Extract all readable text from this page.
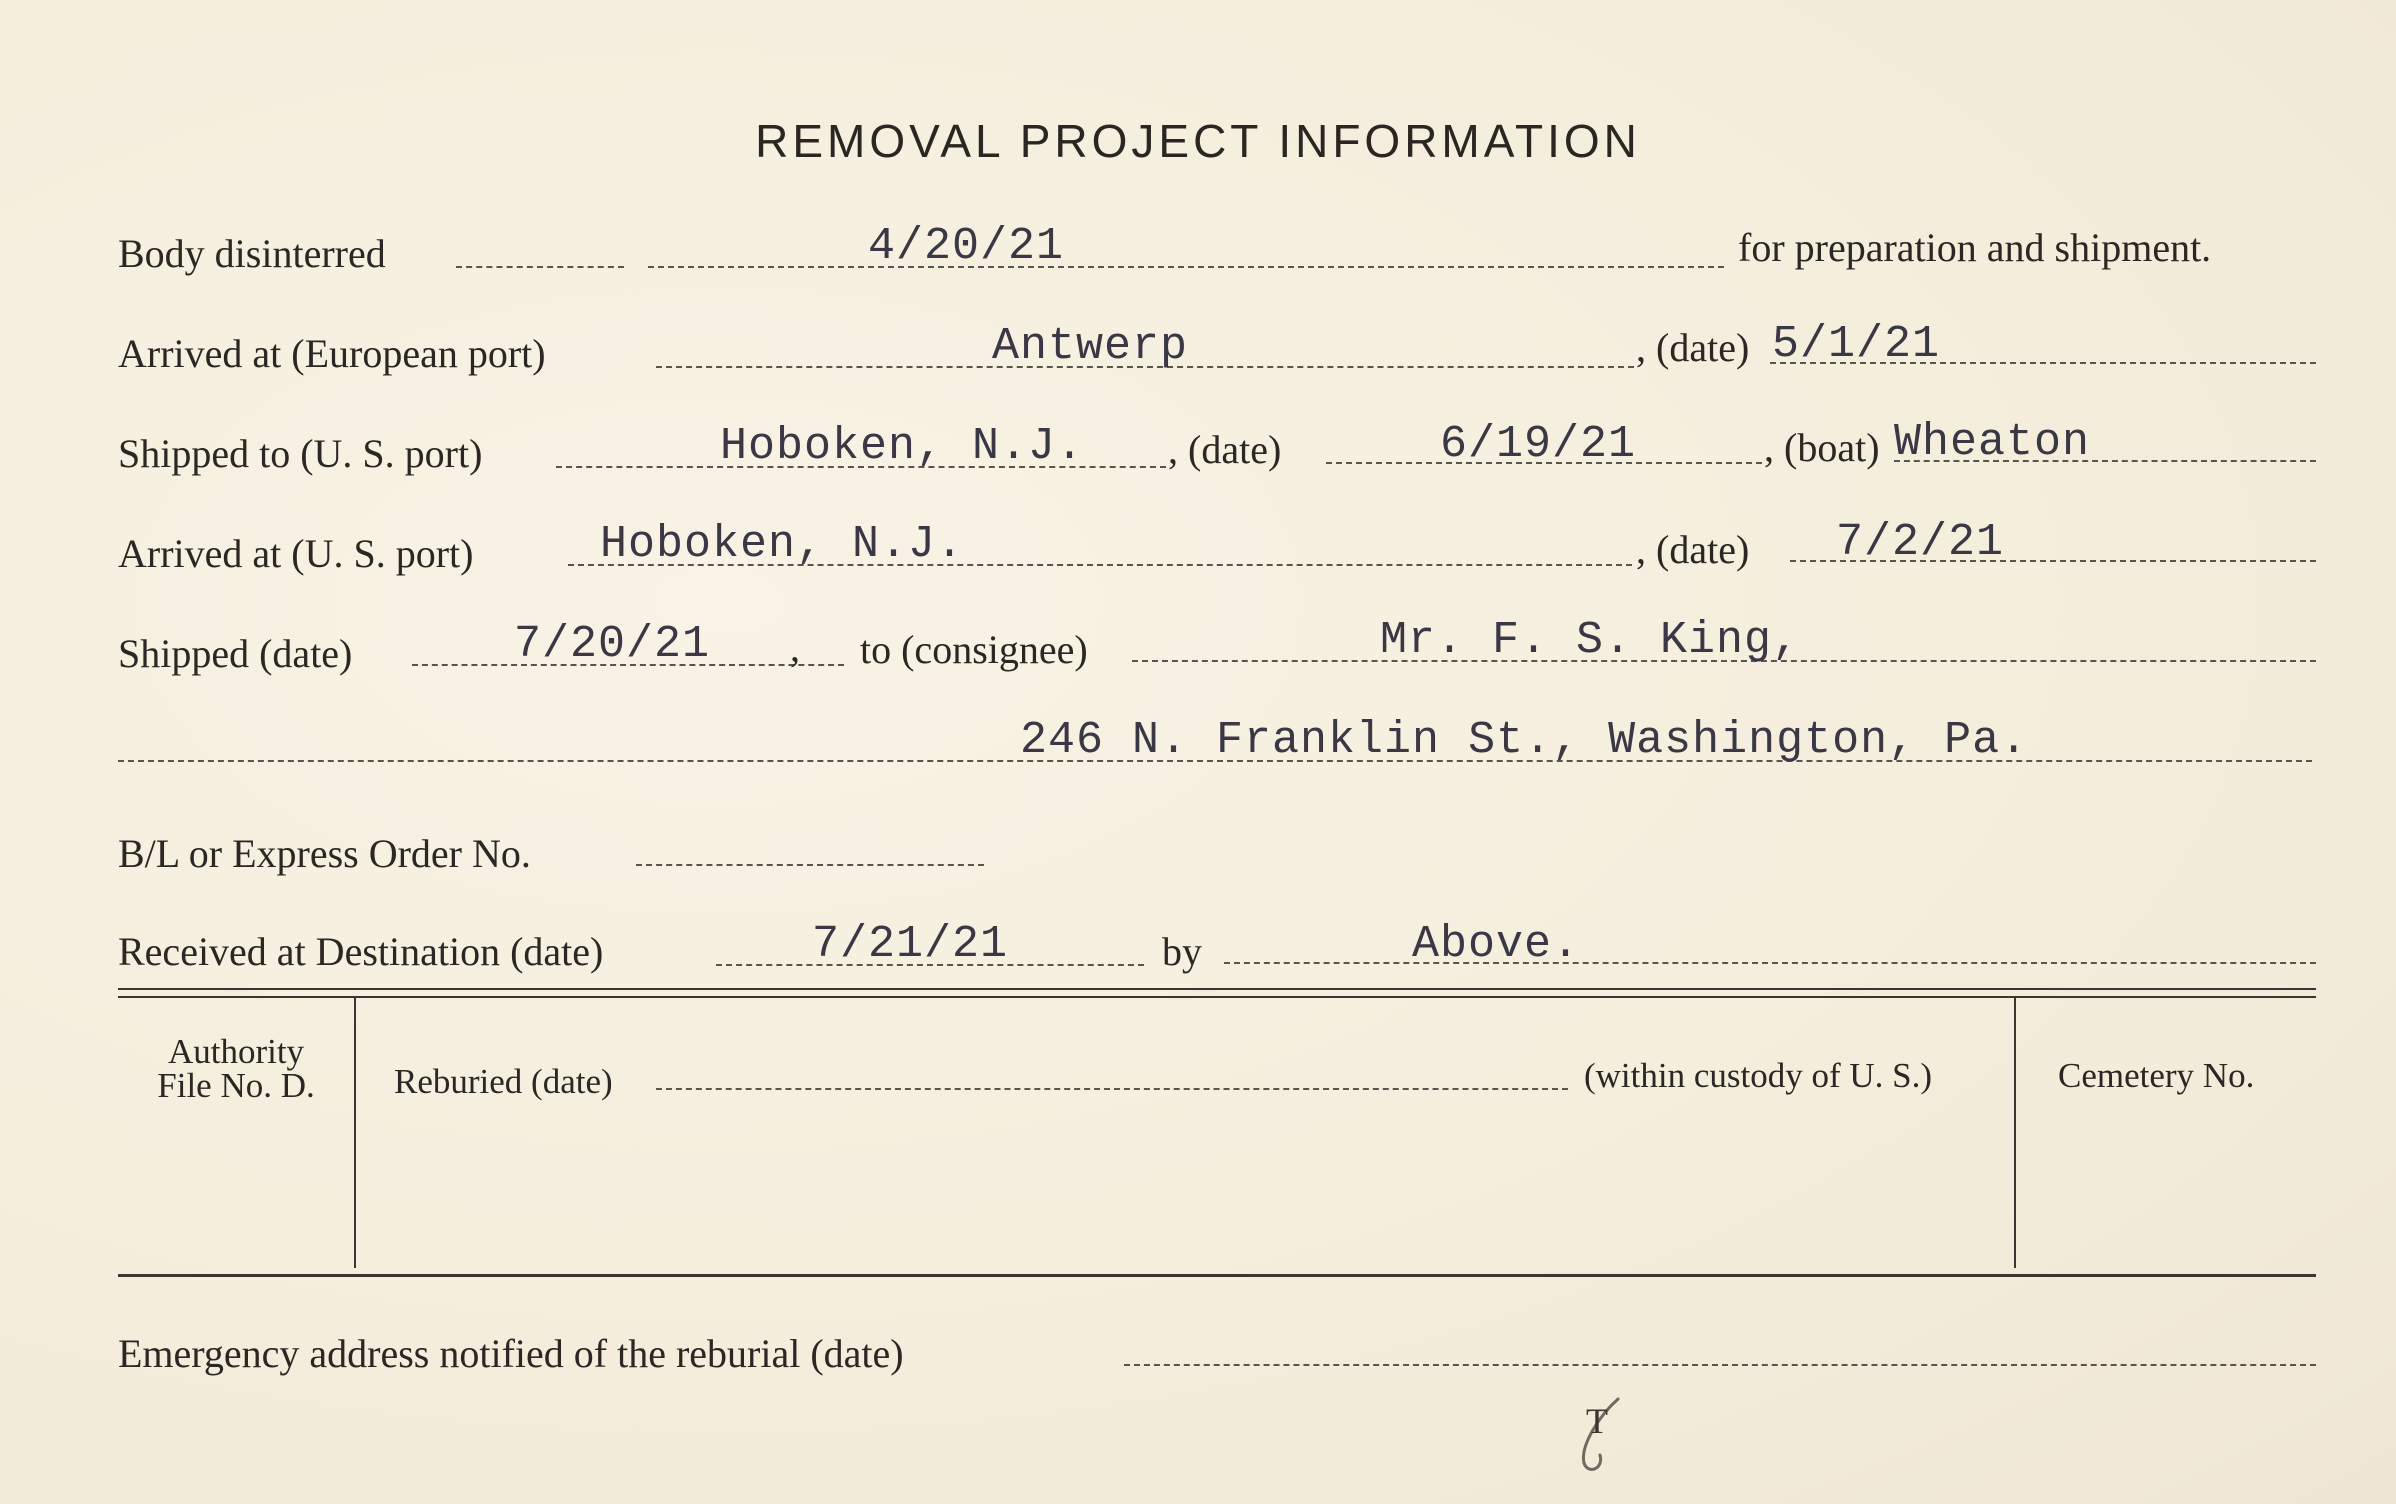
REMOVAL PROJECT INFORMATION
Body disinterred	4/20/21	for preparation and shipment.
Arrived at (European port)	Antwerp	, (date) 5/1/21
Shipped to (U. S. port)	Hoboken, N.J. , (date)	6/19/21	, (boat) Wheaton
Arrived at (U. S. port)	Hoboken, N.J.	, (date) 7/2/21
Shipped (date)	7/20/21 , to (consignee)	Mr. F. S. King,
246 N. Franklin St., Washington, Pa.
B/L or Express Order No.
Received at Destination (date)	7/21/21	by	Above.
Authority
File No. D.	Reburied (date)	(within custody of U. S.)	Cemetery No.
Emergency address notified of the reburial (date)
T
